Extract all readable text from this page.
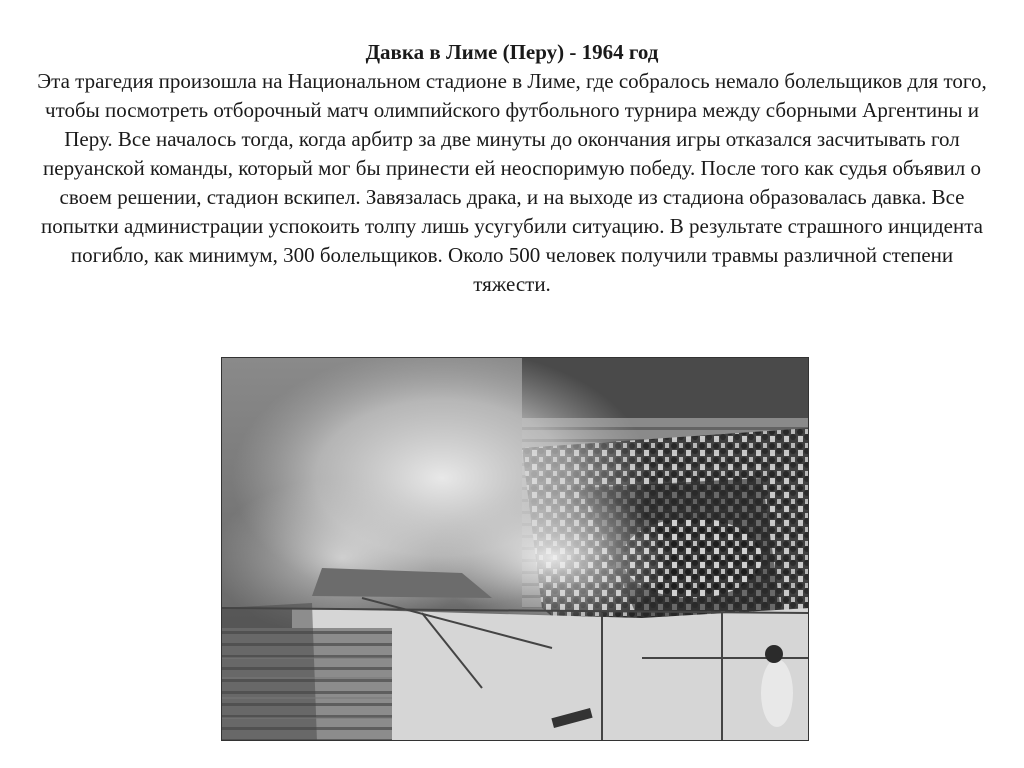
Давка в Лиме (Перу) - 1964 год
Эта трагедия произошла на Национальном стадионе в Лиме, где собралось немало болельщиков для того, чтобы посмотреть отборочный матч олимпийского футбольного турнира между сборными Аргентины и Перу. Все началось тогда, когда арбитр за две минуты до окончания игры отказался засчитывать гол перуанской команды, который мог бы принести ей неоспоримую победу. После того как судья объявил о своем решении, стадион вскипел. Завязалась драка, и на выходе из стадиона образовалась давка. Все попытки администрации успокоить толпу лишь усугубили ситуацию. В результате страшного инцидента погибло, как минимум, 300 болельщиков. Около 500 человек получили травмы различной степени тяжести.
